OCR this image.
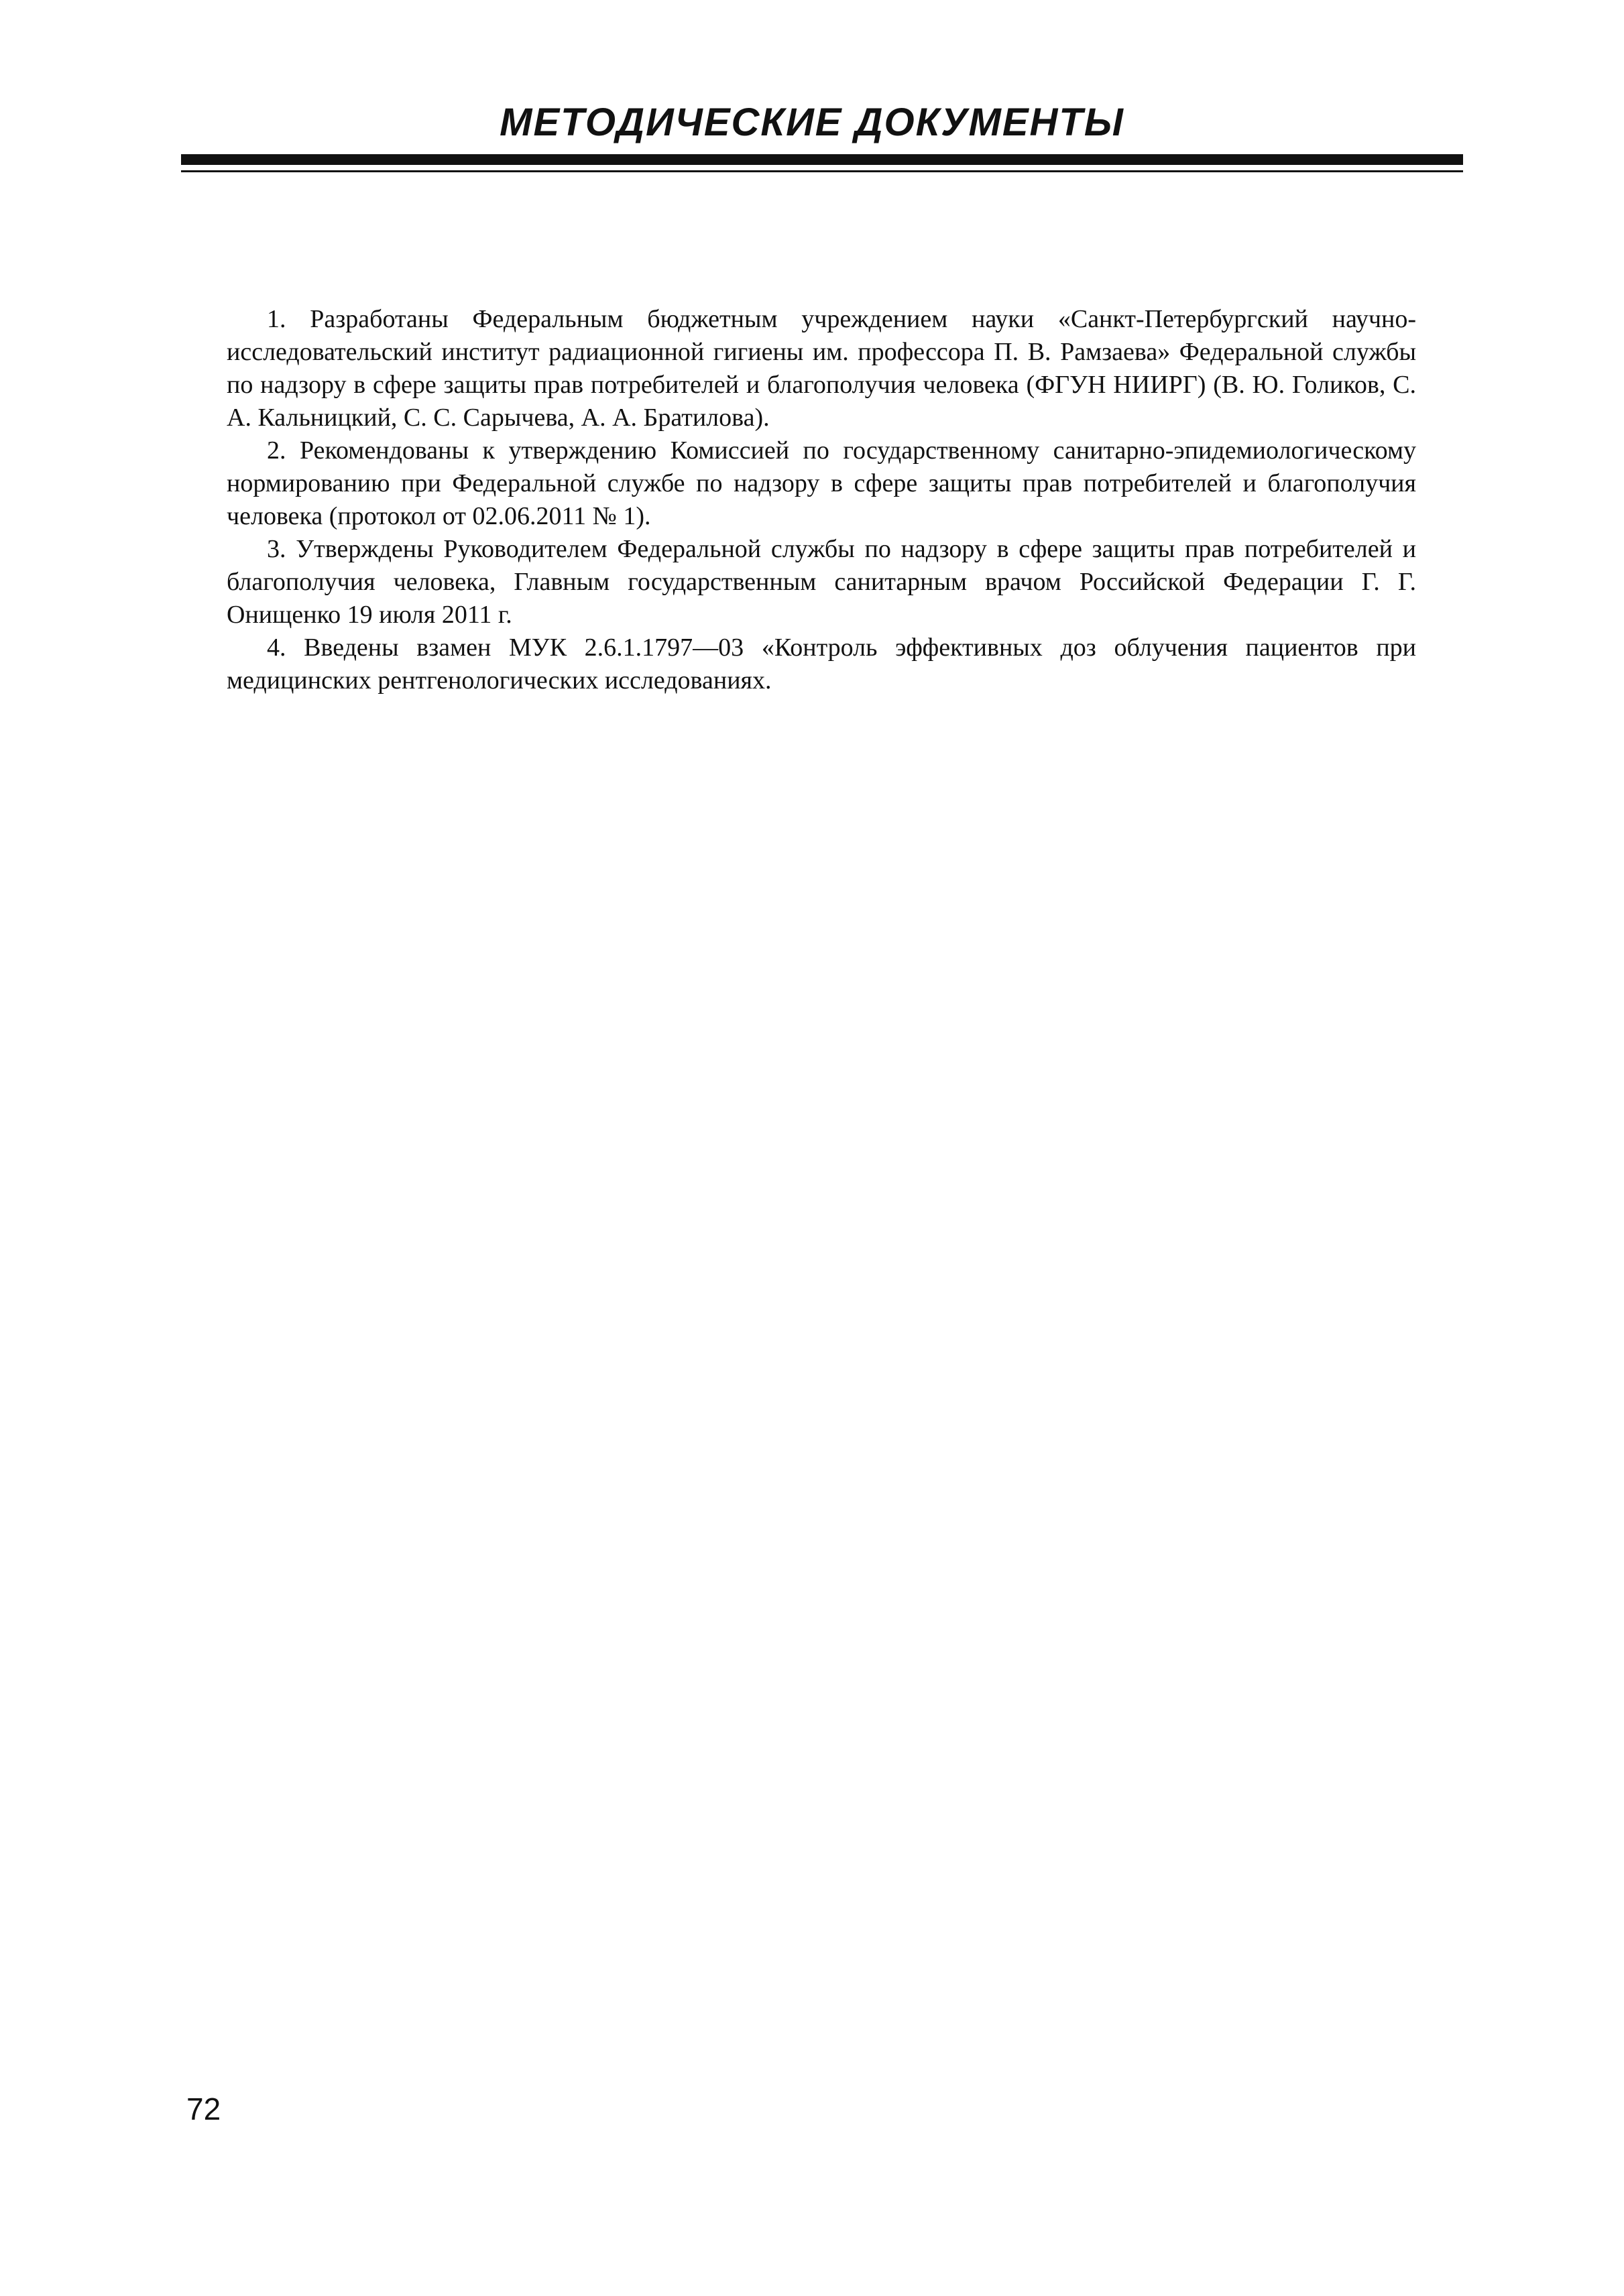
МЕТОДИЧЕСКИЕ ДОКУМЕНТЫ

1. Разработаны Федеральным бюджетным учреждением науки «Санкт-Петербургский научно-исследовательский институт радиационной гигиены им. профессора П. В. Рамзаева» Федеральной службы по надзору в сфере защиты прав потребителей и благополучия человека (ФГУН НИИРГ) (В. Ю. Голиков, С. А. Кальницкий, С. С. Сарычева, А. А. Братилова).

2. Рекомендованы к утверждению Комиссией по государственному санитарно-эпидемиологическому нормированию при Федеральной службе по надзору в сфере защиты прав потребителей и благополучия человека (протокол от 02.06.2011 № 1).

3. Утверждены Руководителем Федеральной службы по надзору в сфере защиты прав потребителей и благополучия человека, Главным государственным санитарным врачом Российской Федерации Г. Г. Онищенко 19 июля 2011 г.

4. Введены взамен МУК 2.6.1.1797—03 «Контроль эффективных доз облучения пациентов при медицинских рентгенологических исследованиях.

72
